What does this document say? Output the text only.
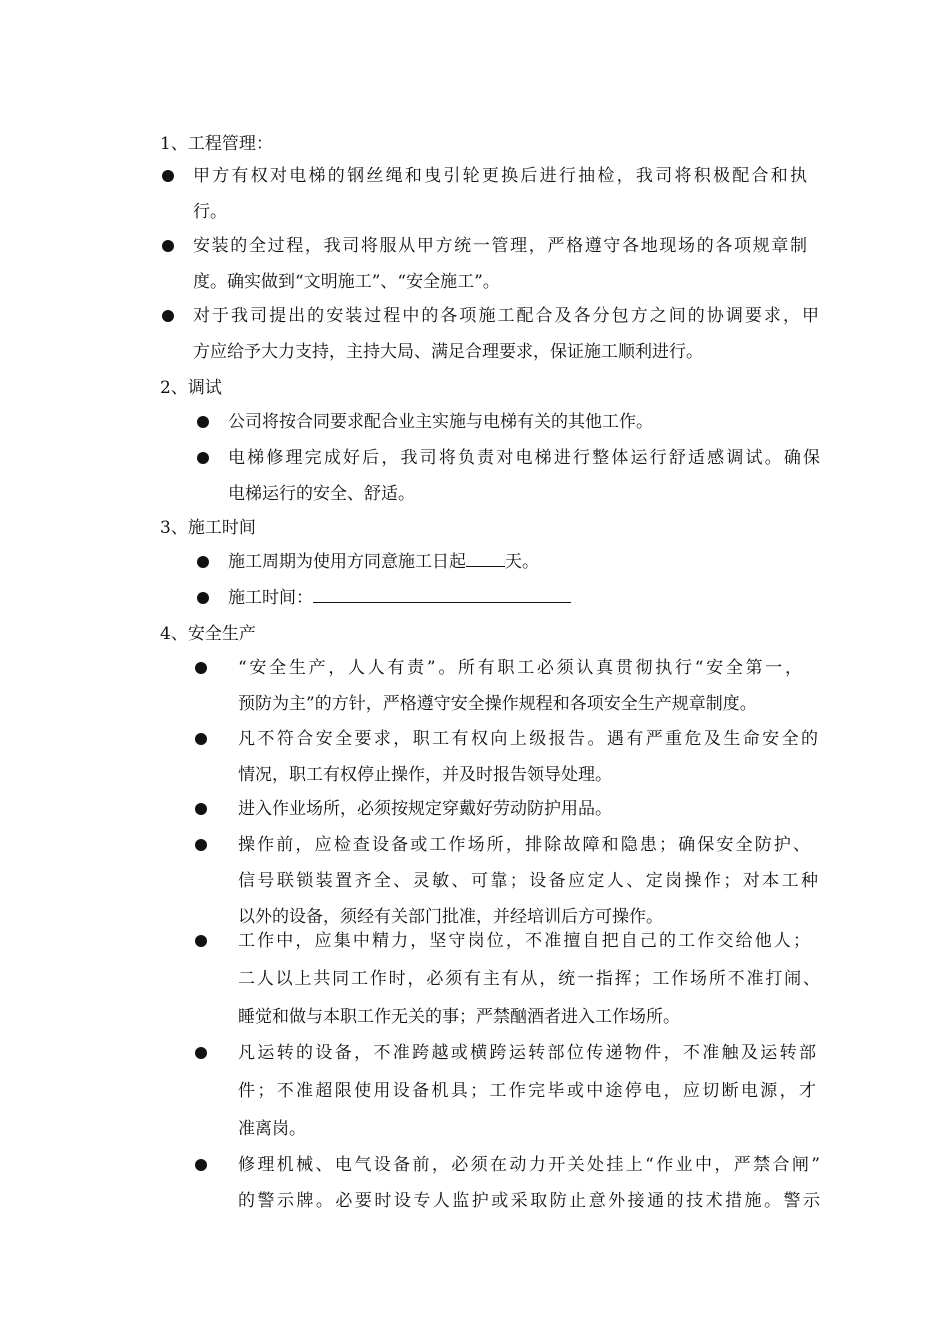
1、工程管理：
甲方有权对电梯的钢丝绳和曳引轮更换后进行抽检，我司将积极配合和执
行。
安装的全过程，我司将服从甲方统一管理，严格遵守各地现场的各项规章制
度。确实做到“文明施工”、“安全施工”。
对于我司提出的安装过程中的各项施工配合及各分包方之间的协调要求，甲
方应给予大力支持，主持大局、满足合理要求，保证施工顺利进行。
2、调试
公司将按合同要求配合业主实施与电梯有关的其他工作。
电梯修理完成好后，我司将负责对电梯进行整体运行舒适感调试。确保
电梯运行的安全、舒适。
3、施工时间
施工周期为使用方同意施工日起 天。
施工时间：
4、安全生产
“安全生产，人人有责”。所有职工必须认真贯彻执行“安全第一，
预防为主”的方针，严格遵守安全操作规程和各项安全生产规章制度。
凡不符合安全要求，职工有权向上级报告。遇有严重危及生命安全的
情况，职工有权停止操作，并及时报告领导处理。
进入作业场所，必须按规定穿戴好劳动防护用品。
操作前，应检查设备或工作场所，排除故障和隐患；确保安全防护、
信号联锁装置齐全、灵敏、可靠；设备应定人、定岗操作；对本工种
以外的设备，须经有关部门批准，并经培训后方可操作。
工作中，应集中精力，坚守岗位，不准擅自把自己的工作交给他人；
二人以上共同工作时，必须有主有从，统一指挥；工作场所不准打闹、
睡觉和做与本职工作无关的事；严禁酗酒者进入工作场所。
凡运转的设备，不准跨越或横跨运转部位传递物件，不准触及运转部
件；不准超限使用设备机具；工作完毕或中途停电，应切断电源，才
准离岗。
修理机械、电气设备前，必须在动力开关处挂上“作业中，严禁合闸”
的警示牌。必要时设专人监护或采取防止意外接通的技术措施。警示
